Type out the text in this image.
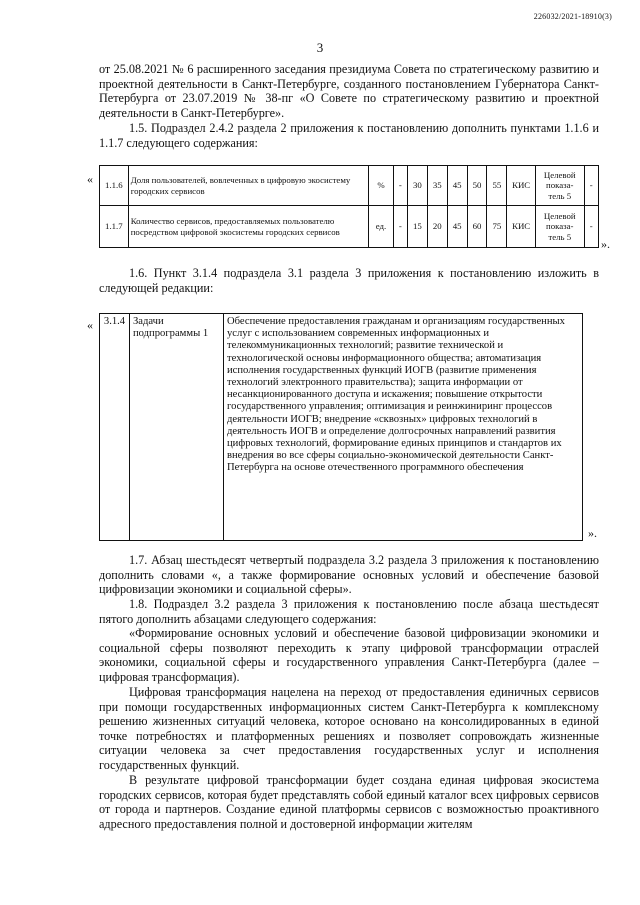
226032/2021-18910(3)
3
от 25.08.2021 № 6 расширенного заседания президиума Совета по стратегическому развитию и проектной деятельности в Санкт-Петербурге, созданного постановлением Губернатора Санкт-Петербурга от 23.07.2019 № 38-пг «О Совете по стратегическому развитию и проектной деятельности в Санкт-Петербурге».
1.5. Подраздел 2.4.2 раздела 2 приложения к постановлению дополнить пунктами 1.1.6 и 1.1.7 следующего содержания:
« 1.1.6	Доля пользователей, вовлеченных в цифровую экосистему городских сервисов	%	-	30	35	45	50	55	КИС	Целевой показа-тель 5	-
1.1.7	Количество сервисов, предоставляемых пользователю посредством цифровой экосистемы городских сервисов	ед.	-	15	20	45	60	75	КИС	Целевой показа-тель 5	-
».
1.6. Пункт 3.1.4 подраздела 3.1 раздела 3 приложения к постановлению изложить в следующей редакции:
« 3.1.4	Задачи подпрограммы 1	Обеспечение предоставления гражданам и организациям государственных услуг с использованием современных информационных и телекоммуникационных технологий; развитие технической и технологической основы информационного общества; автоматизация исполнения государственных функций ИОГВ (развитие применения технологий электронного правительства); защита информации от несанкционированного доступа и искажения; повышение открытости государственного управления; оптимизация и реинжиниринг процессов деятельности ИОГВ; внедрение «сквозных» цифровых технологий в деятельность ИОГВ и определение долгосрочных направлений развития цифровых технологий, формирование единых принципов и стандартов их внедрения во все сферы социально-экономической деятельности Санкт-Петербурга на основе отечественного программного обеспечения
».
1.7. Абзац шестьдесят четвертый подраздела 3.2 раздела 3 приложения к постановлению дополнить словами «, а также формирование основных условий и обеспечение базовой цифровизации экономики и социальной сферы».
1.8. Подраздел 3.2 раздела 3 приложения к постановлению после абзаца шестьдесят пятого дополнить абзацами следующего содержания:
«Формирование основных условий и обеспечение базовой цифровизации экономики и социальной сферы позволяют переходить к этапу цифровой трансформации отраслей экономики, социальной сферы и государственного управления Санкт-Петербурга (далее – цифровая трансформация).
Цифровая трансформация нацелена на переход от предоставления единичных сервисов при помощи государственных информационных систем Санкт-Петербурга к комплексному решению жизненных ситуаций человека, которое основано на консолидированных в единой точке потребностях и платформенных решениях и позволяет сопровождать жизненные ситуации человека за счет предоставления государственных услуг и исполнения государственных функций.
В результате цифровой трансформации будет создана единая цифровая экосистема городских сервисов, которая будет представлять собой единый каталог всех цифровых сервисов от города и партнеров. Создание единой платформы сервисов с возможностью проактивного адресного предоставления полной и достоверной информации жителям
